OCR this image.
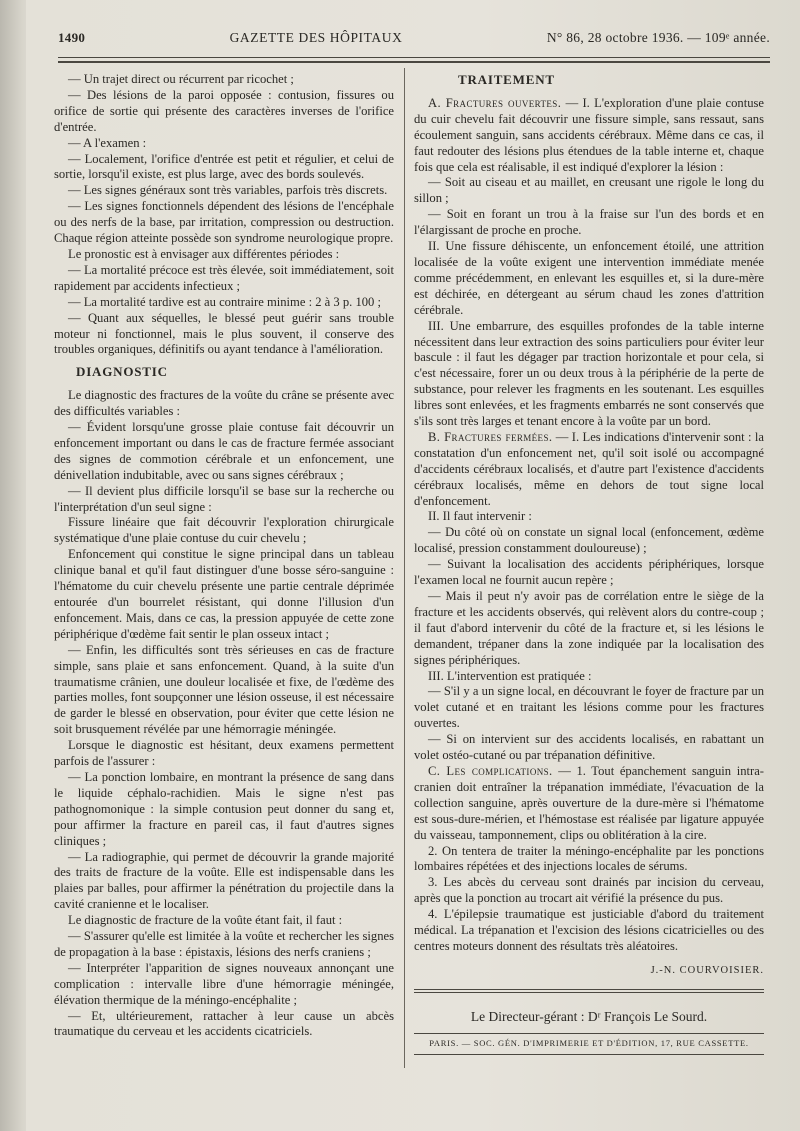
1490	GAZETTE DES HÔPITAUX	N° 86, 28 octobre 1936. — 109ᵉ année.

— Un trajet direct ou récurrent par ricochet ;

— Des lésions de la paroi opposée : contusion, fissures ou orifice de sortie qui présente des caractères inverses de l'orifice d'entrée.

— A l'examen :

— Localement, l'orifice d'entrée est petit et régulier, et celui de sortie, lorsqu'il existe, est plus large, avec des bords soulevés.

— Les signes généraux sont très variables, parfois très discrets.

— Les signes fonctionnels dépendent des lésions de l'encéphale ou des nerfs de la base, par irritation, compression ou destruction. Chaque région atteinte possède son syndrome neurologique propre.

Le pronostic est à envisager aux différentes périodes :

— La mortalité précoce est très élevée, soit immédiatement, soit rapidement par accidents infectieux ;

— La mortalité tardive est au contraire minime : 2 à 3 p. 100 ;

— Quant aux séquelles, le blessé peut guérir sans trouble moteur ni fonctionnel, mais le plus souvent, il conserve des troubles organiques, définitifs ou ayant tendance à l'amélioration.

DIAGNOSTIC

Le diagnostic des fractures de la voûte du crâne se présente avec des difficultés variables :

— Évident lorsqu'une grosse plaie contuse fait découvrir un enfoncement important ou dans le cas de fracture fermée associant des signes de commotion cérébrale et un enfoncement, une dénivellation indubitable, avec ou sans signes cérébraux ;

— Il devient plus difficile lorsqu'il se base sur la recherche ou l'interprétation d'un seul signe :

Fissure linéaire que fait découvrir l'exploration chirurgicale systématique d'une plaie contuse du cuir chevelu ;

Enfoncement qui constitue le signe principal dans un tableau clinique banal et qu'il faut distinguer d'une bosse séro-sanguine : l'hématome du cuir chevelu présente une partie centrale déprimée entourée d'un bourrelet résistant, qui donne l'illusion d'un enfoncement. Mais, dans ce cas, la pression appuyée de cette zone périphérique d'œdème fait sentir le plan osseux intact ;

— Enfin, les difficultés sont très sérieuses en cas de fracture simple, sans plaie et sans enfoncement. Quand, à la suite d'un traumatisme crânien, une douleur localisée et fixe, de l'œdème des parties molles, font soupçonner une lésion osseuse, il est nécessaire de garder le blessé en observation, pour éviter que cette lésion ne soit brusquement révélée par une hémorragie méningée.

Lorsque le diagnostic est hésitant, deux examens permettent parfois de l'assurer :

— La ponction lombaire, en montrant la présence de sang dans le liquide céphalo-rachidien. Mais le signe n'est pas pathognomonique : la simple contusion peut donner du sang et, pour affirmer la fracture en pareil cas, il faut d'autres signes cliniques ;

— La radiographie, qui permet de découvrir la grande majorité des traits de fracture de la voûte. Elle est indispensable dans les plaies par balles, pour affirmer la pénétration du projectile dans la cavité cranienne et le localiser.

Le diagnostic de fracture de la voûte étant fait, il faut :

— S'assurer qu'elle est limitée à la voûte et rechercher les signes de propagation à la base : épistaxis, lésions des nerfs craniens ;

— Interpréter l'apparition de signes nouveaux annonçant une complication : intervalle libre d'une hémorragie méningée, élévation thermique de la méningo-encéphalite ;

— Et, ultérieurement, rattacher à leur cause un abcès traumatique du cerveau et les accidents cicatriciels.

TRAITEMENT

A. Fractures ouvertes. — I. L'exploration d'une plaie contuse du cuir chevelu fait découvrir une fissure simple, sans ressaut, sans écoulement sanguin, sans accidents cérébraux. Même dans ce cas, il faut redouter des lésions plus étendues de la table interne et, chaque fois que cela est réalisable, il est indiqué d'explorer la lésion :

— Soit au ciseau et au maillet, en creusant une rigole le long du sillon ;

— Soit en forant un trou à la fraise sur l'un des bords et en l'élargissant de proche en proche.

II. Une fissure déhiscente, un enfoncement étoilé, une attrition localisée de la voûte exigent une intervention immédiate menée comme précédemment, en enlevant les esquilles et, si la dure-mère est déchirée, en détergeant au sérum chaud les zones d'attrition cérébrale.

III. Une embarrure, des esquilles profondes de la table interne nécessitent dans leur extraction des soins particuliers pour éviter leur bascule : il faut les dégager par traction horizontale et pour cela, si c'est nécessaire, forer un ou deux trous à la périphérie de la perte de substance, pour relever les fragments en les soutenant. Les esquilles libres sont enlevées, et les fragments embarrés ne sont conservés que s'ils sont très larges et tenant encore à la voûte par un bord.

B. Fractures fermées. — I. Les indications d'intervenir sont : la constatation d'un enfoncement net, qu'il soit isolé ou accompagné d'accidents cérébraux localisés, et d'autre part l'existence d'accidents cérébraux localisés, même en dehors de tout signe local d'enfoncement.

II. Il faut intervenir :

— Du côté où on constate un signal local (enfoncement, œdème localisé, pression constamment douloureuse) ;

— Suivant la localisation des accidents périphériques, lorsque l'examen local ne fournit aucun repère ;

— Mais il peut n'y avoir pas de corrélation entre le siège de la fracture et les accidents observés, qui relèvent alors du contre-coup ; il faut d'abord intervenir du côté de la fracture et, si les lésions le demandent, trépaner dans la zone indiquée par la localisation des signes périphériques.

III. L'intervention est pratiquée :

— S'il y a un signe local, en découvrant le foyer de fracture par un volet cutané et en traitant les lésions comme pour les fractures ouvertes.

— Si on intervient sur des accidents localisés, en rabattant un volet ostéo-cutané ou par trépanation définitive.

C. Les complications. — 1. Tout épanchement sanguin intra-cranien doit entraîner la trépanation immédiate, l'évacuation de la collection sanguine, après ouverture de la dure-mère si l'hématome est sous-dure-mérien, et l'hémostase est réalisée par ligature appuyée du vaisseau, tamponnement, clips ou oblitération à la cire.

2. On tentera de traiter la méningo-encéphalite par les ponctions lombaires répétées et des injections locales de sérums.

3. Les abcès du cerveau sont drainés par incision du cerveau, après que la ponction au trocart ait vérifié la présence du pus.

4. L'épilepsie traumatique est justiciable d'abord du traitement médical. La trépanation et l'excision des lésions cicatricielles ou des centres moteurs donnent des résultats très aléatoires.

J.-N. COURVOISIER.

Le Directeur-gérant : Dʳ François Le Sourd.

PARIS. — SOC. GÉN. D'IMPRIMERIE ET D'ÉDITION, 17, RUE CASSETTE.
